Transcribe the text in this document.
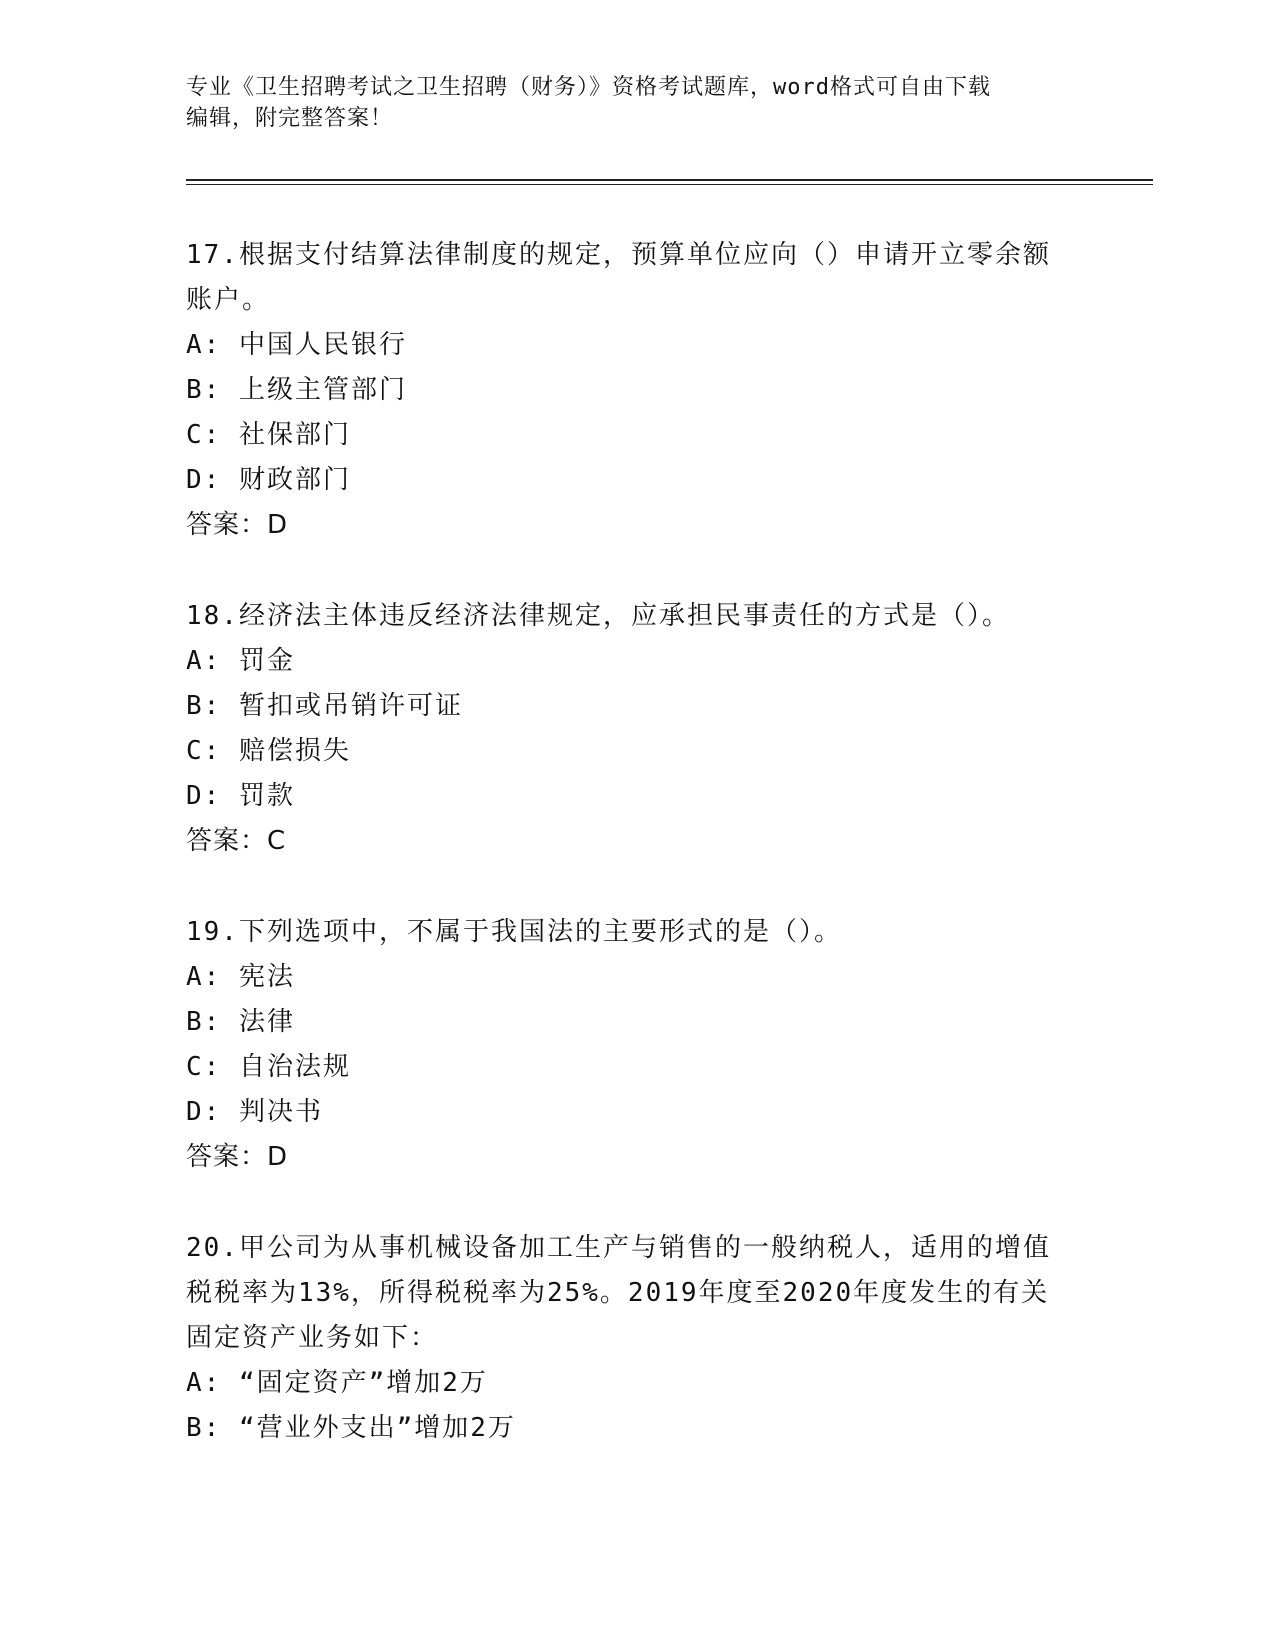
专业《卫生招聘考试之卫生招聘（财务）》资格考试题库，word格式可自由下载
编辑，附完整答案！
17.根据支付结算法律制度的规定，预算单位应向（）申请开立零余额
账户。
A: 中国人民银行
B: 上级主管部门
C: 社保部门
D: 财政部门
答案：D
18.经济法主体违反经济法律规定，应承担民事责任的方式是（）。
A: 罚金
B: 暂扣或吊销许可证
C: 赔偿损失
D: 罚款
答案：C
19.下列选项中，不属于我国法的主要形式的是（）。
A: 宪法
B: 法律
C: 自治法规
D: 判决书
答案：D
20.甲公司为从事机械设备加工生产与销售的一般纳税人，适用的增值
税税率为13%，所得税税率为25%。2019年度至2020年度发生的有关
固定资产业务如下：
A: “固定资产”增加2万
B: “营业外支出”增加2万
